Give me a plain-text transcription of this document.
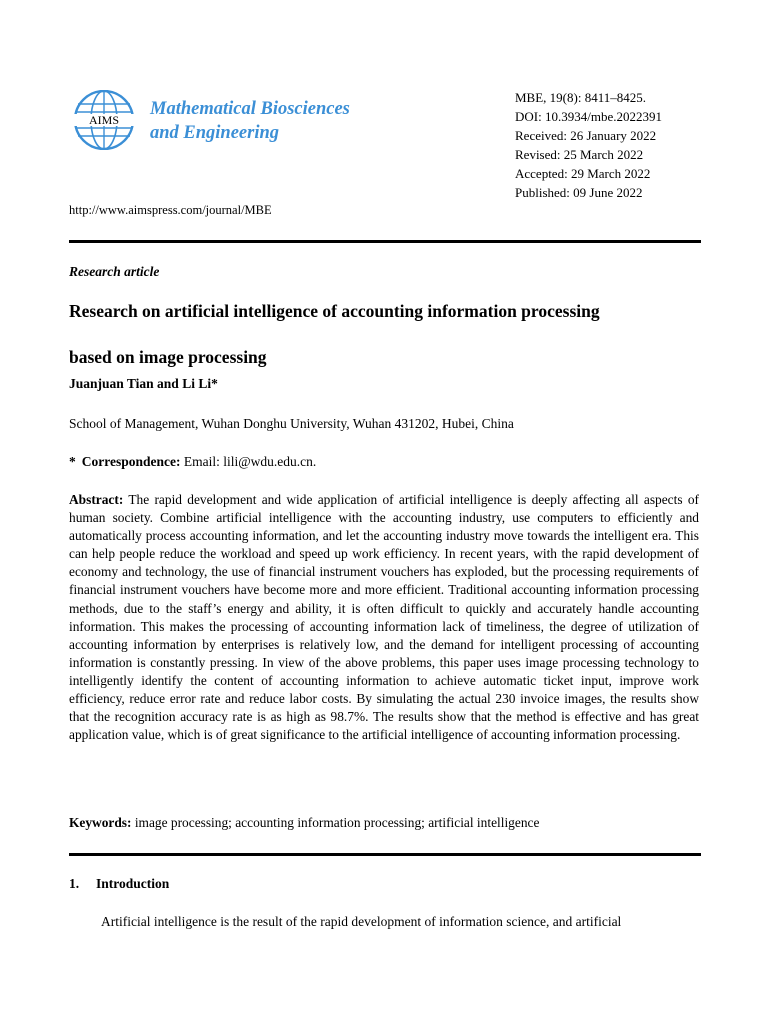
AIMS
Mathematical Biosciences
and Engineering
MBE, 19(8): 8411–8425.
DOI: 10.3934/mbe.2022391
Received: 26 January 2022
Revised: 25 March 2022
Accepted: 29 March 2022
Published: 09 June 2022
http://www.aimspress.com/journal/MBE
Research article
Research on artificial intelligence of accounting information processing
based on image processing
Juanjuan Tian and Li Li*
School of Management, Wuhan Donghu University, Wuhan 431202, Hubei, China
* Correspondence: Email: lili@wdu.edu.cn.
Abstract: The rapid development and wide application of artificial intelligence is deeply affecting all aspects of human society. Combine artificial intelligence with the accounting industry, use computers to efficiently and automatically process accounting information, and let the accounting industry move towards the intelligent era. This can help people reduce the workload and speed up work efficiency. In recent years, with the rapid development of economy and technology, the use of financial instrument vouchers has exploded, but the processing requirements of financial instrument vouchers have become more and more efficient. Traditional accounting information processing methods, due to the staff’s energy and ability, it is often difficult to quickly and accurately handle accounting information. This makes the processing of accounting information lack of timeliness, the degree of utilization of accounting information by enterprises is relatively low, and the demand for intelligent processing of accounting information is constantly pressing. In view of the above problems, this paper uses image processing technology to intelligently identify the content of accounting information to achieve automatic ticket input, improve work efficiency, reduce error rate and reduce labor costs. By simulating the actual 230 invoice images, the results show that the recognition accuracy rate is as high as 98.7%. The results show that the method is effective and has great application value, which is of great significance to the artificial intelligence of accounting information processing.
Keywords: image processing; accounting information processing; artificial intelligence
1. Introduction
Artificial intelligence is the result of the rapid development of information science, and artificial
